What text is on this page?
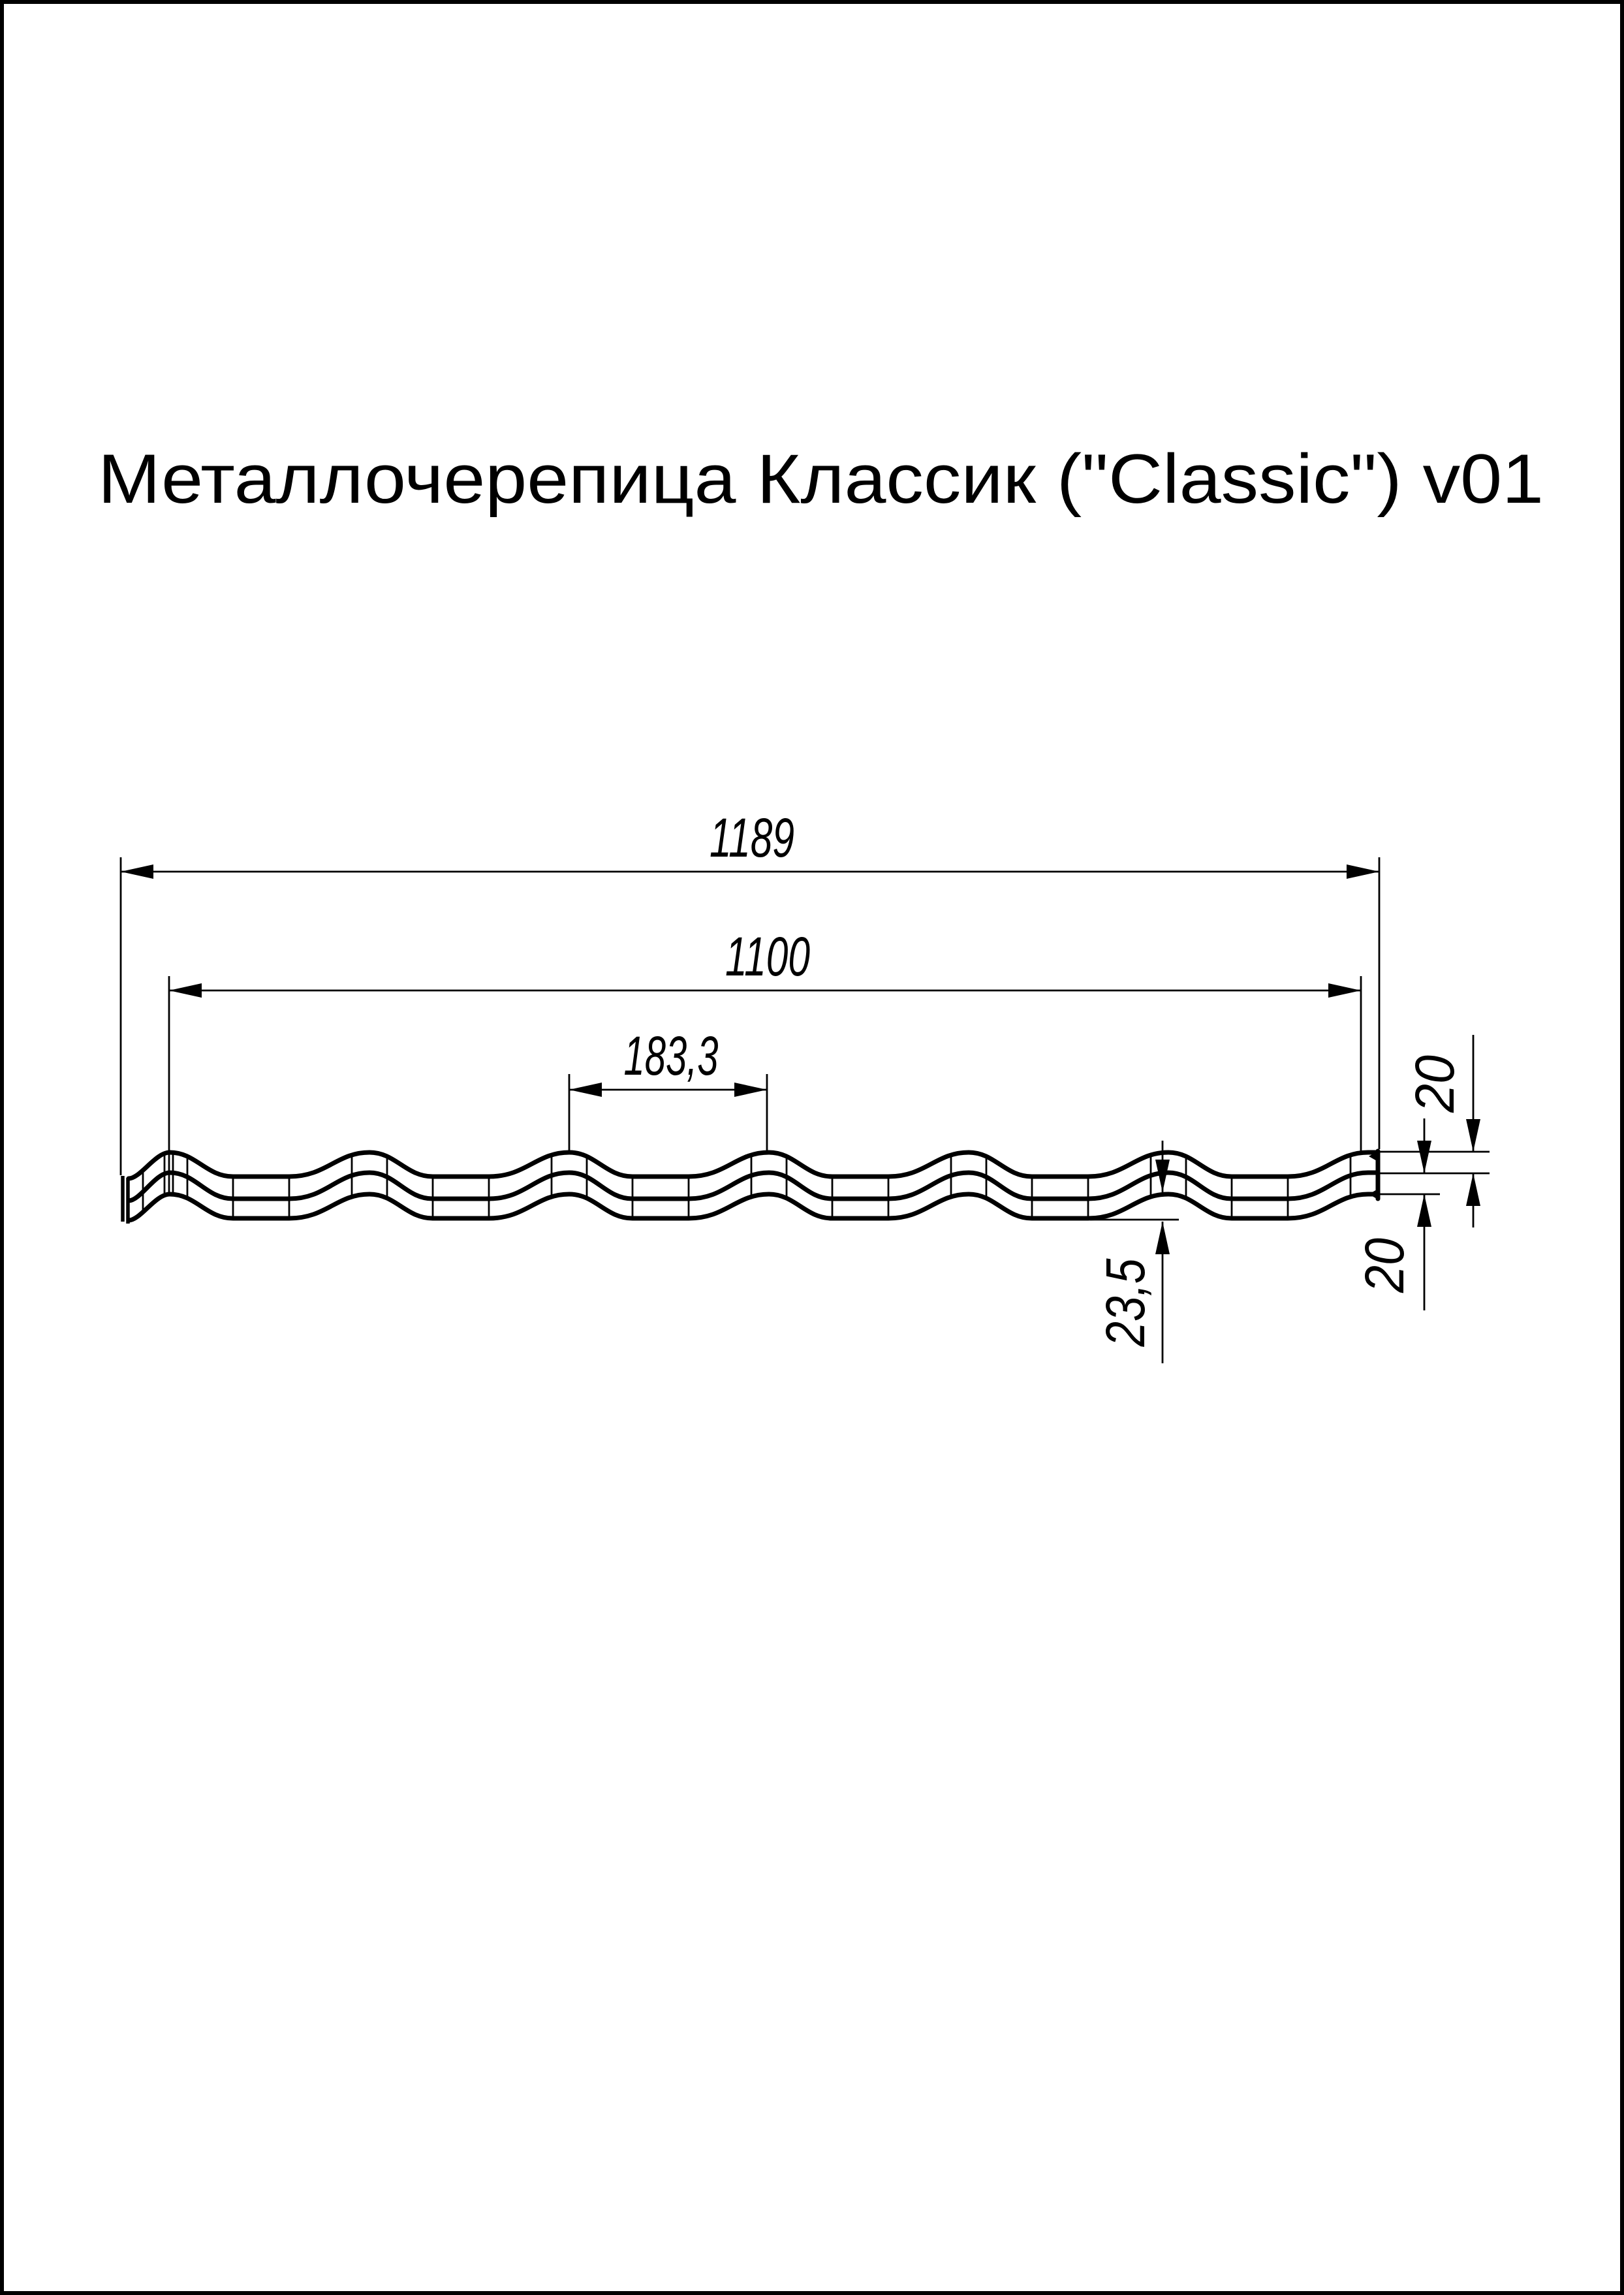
Металлочерепица Классик ("Classic") v01
1189
1100
183,3
23,5
20
20
